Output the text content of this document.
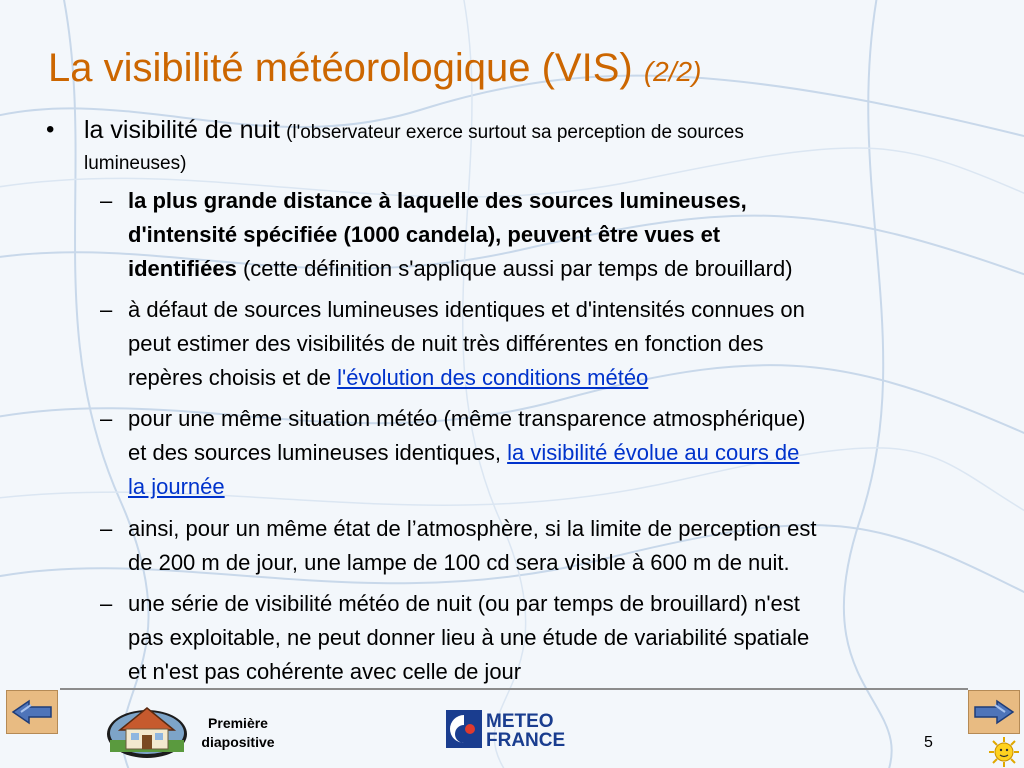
La visibilité météorologique (VIS) (2/2)
• la visibilité de nuit (l'observateur exerce surtout sa perception de sources
lumineuses)
– la plus grande distance à laquelle des sources lumineuses,
d'intensité spécifiée (1000 candela), peuvent être vues et
identifiées (cette définition s'applique aussi par temps de brouillard)
– à défaut de sources lumineuses identiques et d'intensités connues on
peut estimer des visibilités de nuit très différentes en fonction des
repères choisis et de l'évolution des conditions météo
– pour une même situation météo (même transparence atmosphérique)
et des sources lumineuses identiques, la visibilité évolue au cours de
la journée
– ainsi, pour un même état de l’atmosphère, si la limite de perception est
de 200 m de jour, une lampe de 100 cd sera visible à 600 m de nuit.
– une série de visibilité météo de nuit (ou par temps de brouillard) n'est
pas exploitable, ne peut donner lieu à une étude de variabilité spatiale
et n'est pas cohérente avec celle de jour
Première
diapositive
METEO
FRANCE	5
